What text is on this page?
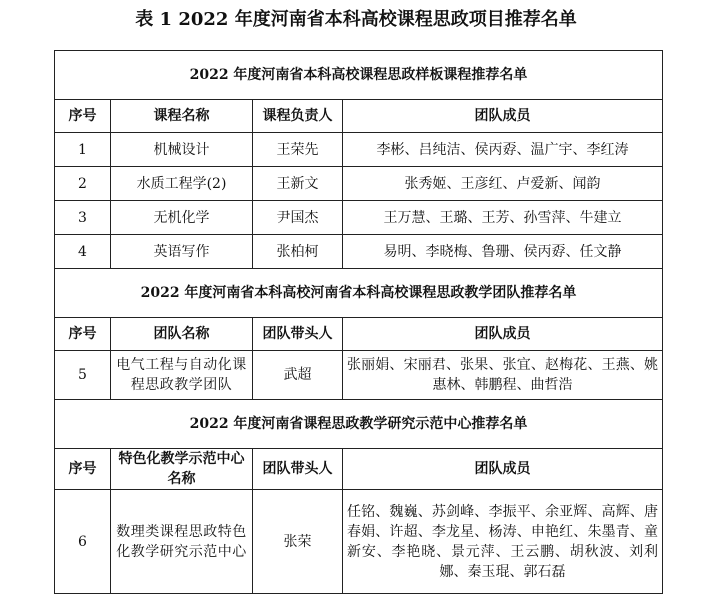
表 1 2022 年度河南省本科高校课程思政项目推荐名单
2022 年度河南省本科高校课程思政样板课程推荐名单			
序号	课程名称	课程负责人	团队成员
1	机械设计	王荣先	李彬、吕纯洁、侯丙孬、温广宇、李红涛
2	水质工程学(2)	王新文	张秀姬、王彦红、卢爱新、闻韵
3	无机化学	尹国杰	王万慧、王璐、王芳、孙雪萍、牛建立
4	英语写作	张柏柯	易明、李晓梅、鲁珊、侯丙孬、任文静
2022 年度河南省本科高校河南省本科高校课程思政教学团队推荐名单			
序号	团队名称	团队带头人	团队成员
5	电气工程与自动化课程思政教学团队	武超	张丽娟、宋丽君、张果、张宜、赵梅花、王燕、姚惠林、韩鹏程、曲哲浩
2022 年度河南省课程思政教学研究示范中心推荐名单			
序号	特色化教学示范中心名称	团队带头人	团队成员
6	数理类课程思政特色化教学研究示范中心	张荣	任铭、魏巍、苏剑峰、李振平、余亚辉、高辉、唐春娟、许超、李龙星、杨涛、申艳红、朱墨青、童新安、李艳晓、景元萍、王云鹏、胡秋波、刘利娜、秦玉琨、郭石磊
